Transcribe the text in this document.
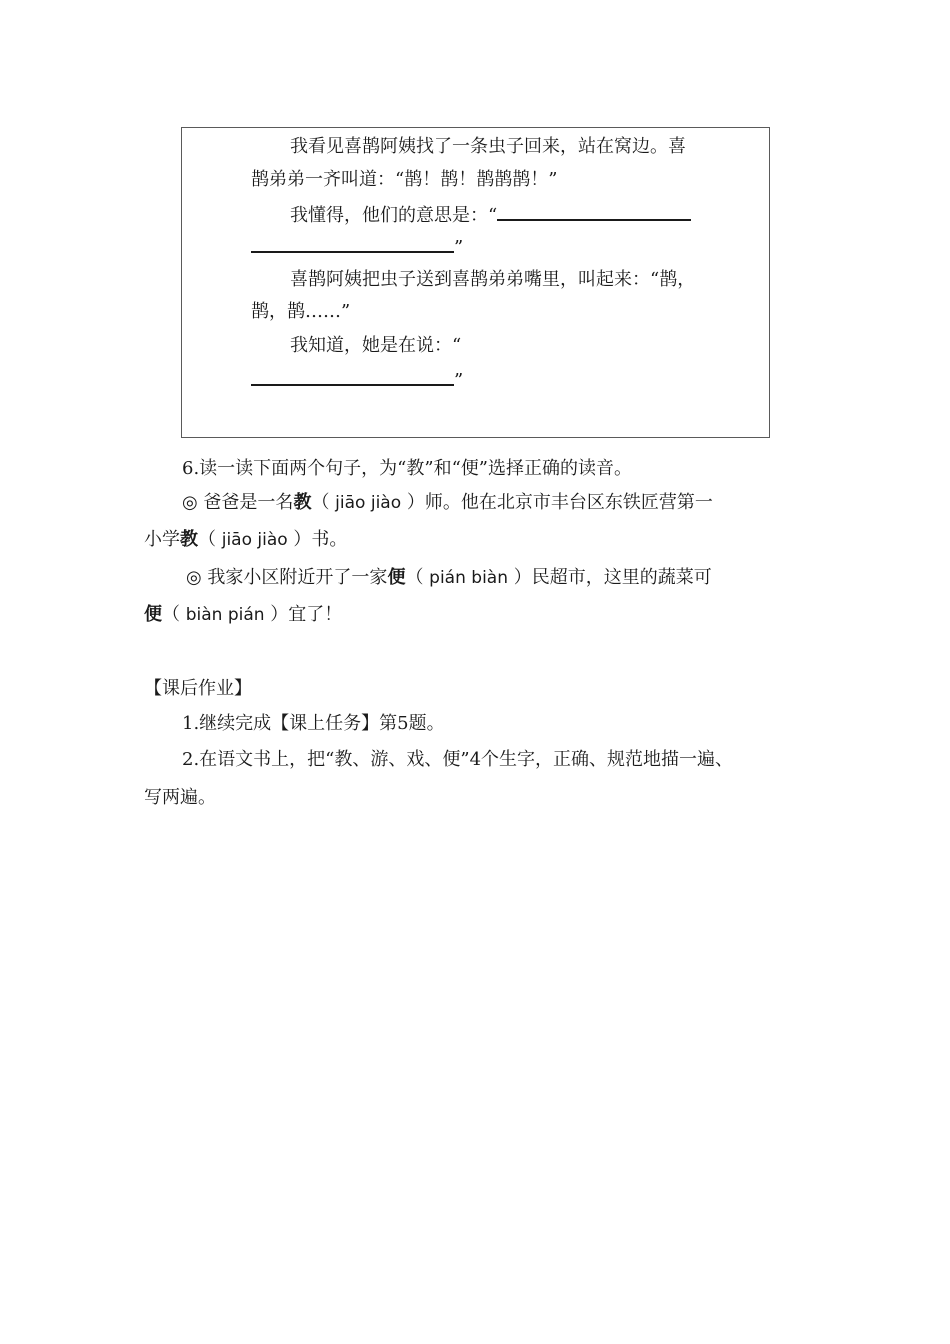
我看见喜鹊阿姨找了一条虫子回来，站在窝边。喜
鹊弟弟一齐叫道：“鹊！鹊！鹊鹊鹊！”
我懂得，他们的意思是：“
”
喜鹊阿姨把虫子送到喜鹊弟弟嘴里，叫起来：“鹊，
鹊，鹊……”
我知道，她是在说：“
”
6.读一读下面两个句子，为“教”和“便”选择正确的读音。
◎ 爸爸是一名教（ jiāo jiào ）师。他在北京市丰台区东铁匠营第一
小学教（ jiāo jiào ）书。
◎ 我家小区附近开了一家便（ pián biàn ）民超市，这里的蔬菜可
便（ biàn pián ）宜了！
【课后作业】
1.继续完成【课上任务】第5题。
2.在语文书上，把“教、游、戏、便”4个生字，正确、规范地描一遍、
写两遍。
